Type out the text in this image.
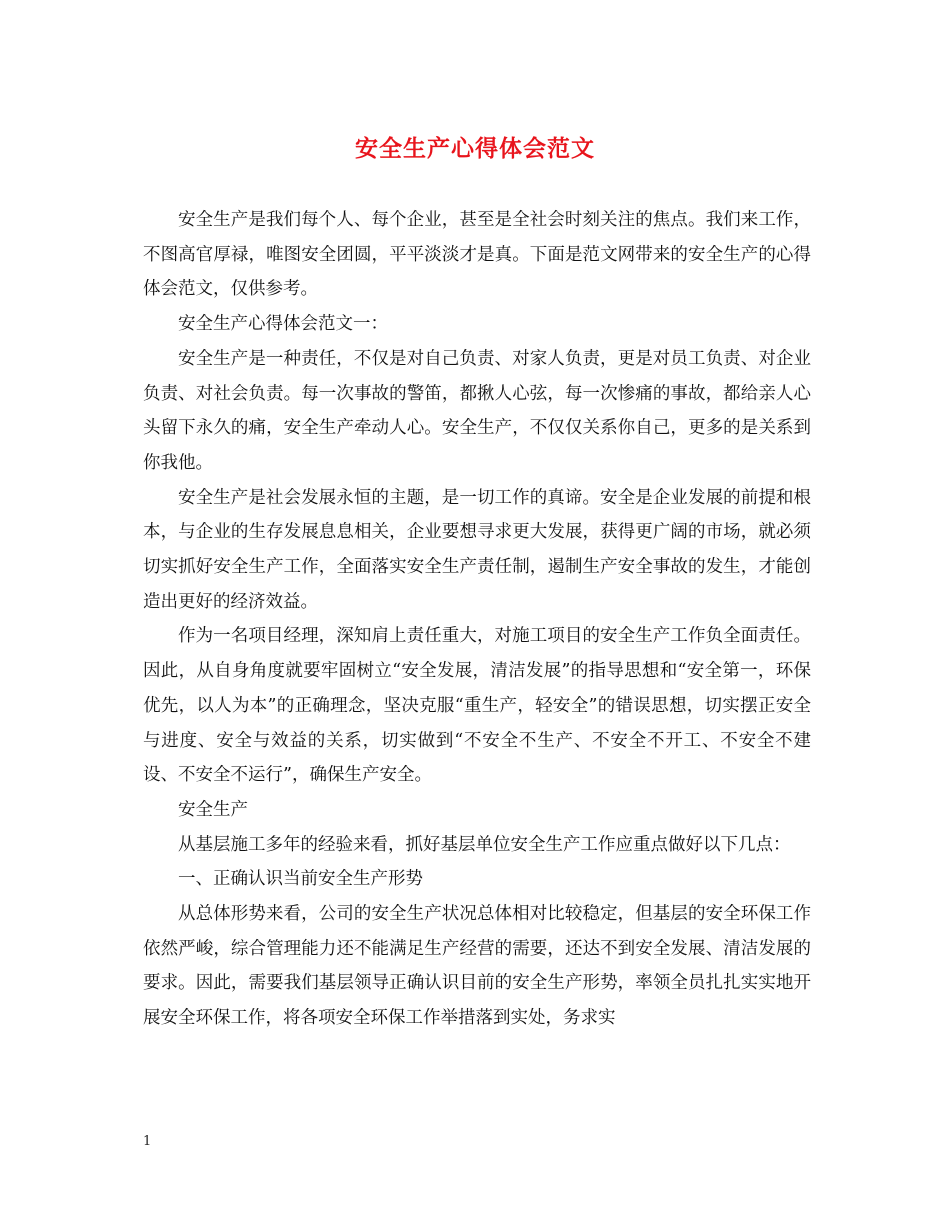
安全生产心得体会范文

安全生产是我们每个人、每个企业，甚至是全社会时刻关注的焦点。我们来工作，不图高官厚禄，唯图安全团圆，平平淡淡才是真。下面是范文网带来的安全生产的心得体会范文，仅供参考。

安全生产心得体会范文一：

安全生产是一种责任，不仅是对自己负责、对家人负责，更是对员工负责、对企业负责、对社会负责。每一次事故的警笛，都揪人心弦，每一次惨痛的事故，都给亲人心头留下永久的痛，安全生产牵动人心。安全生产，不仅仅关系你自己，更多的是关系到你我他。

安全生产是社会发展永恒的主题，是一切工作的真谛。安全是企业发展的前提和根本，与企业的生存发展息息相关，企业要想寻求更大发展，获得更广阔的市场，就必须切实抓好安全生产工作，全面落实安全生产责任制，遏制生产安全事故的发生，才能创造出更好的经济效益。

作为一名项目经理，深知肩上责任重大，对施工项目的安全生产工作负全面责任。因此，从自身角度就要牢固树立“安全发展，清洁发展”的指导思想和“安全第一，环保优先，以人为本”的正确理念，坚决克服“重生产，轻安全”的错误思想，切实摆正安全与进度、安全与效益的关系，切实做到“不安全不生产、不安全不开工、不安全不建设、不安全不运行”，确保生产安全。

安全生产

从基层施工多年的经验来看，抓好基层单位安全生产工作应重点做好以下几点：

一、正确认识当前安全生产形势

从总体形势来看，公司的安全生产状况总体相对比较稳定，但基层的安全环保工作依然严峻，综合管理能力还不能满足生产经营的需要，还达不到安全发展、清洁发展的要求。因此，需要我们基层领导正确认识目前的安全生产形势，率领全员扎扎实实地开展安全环保工作，将各项安全环保工作举措落到实处，务求实

1
